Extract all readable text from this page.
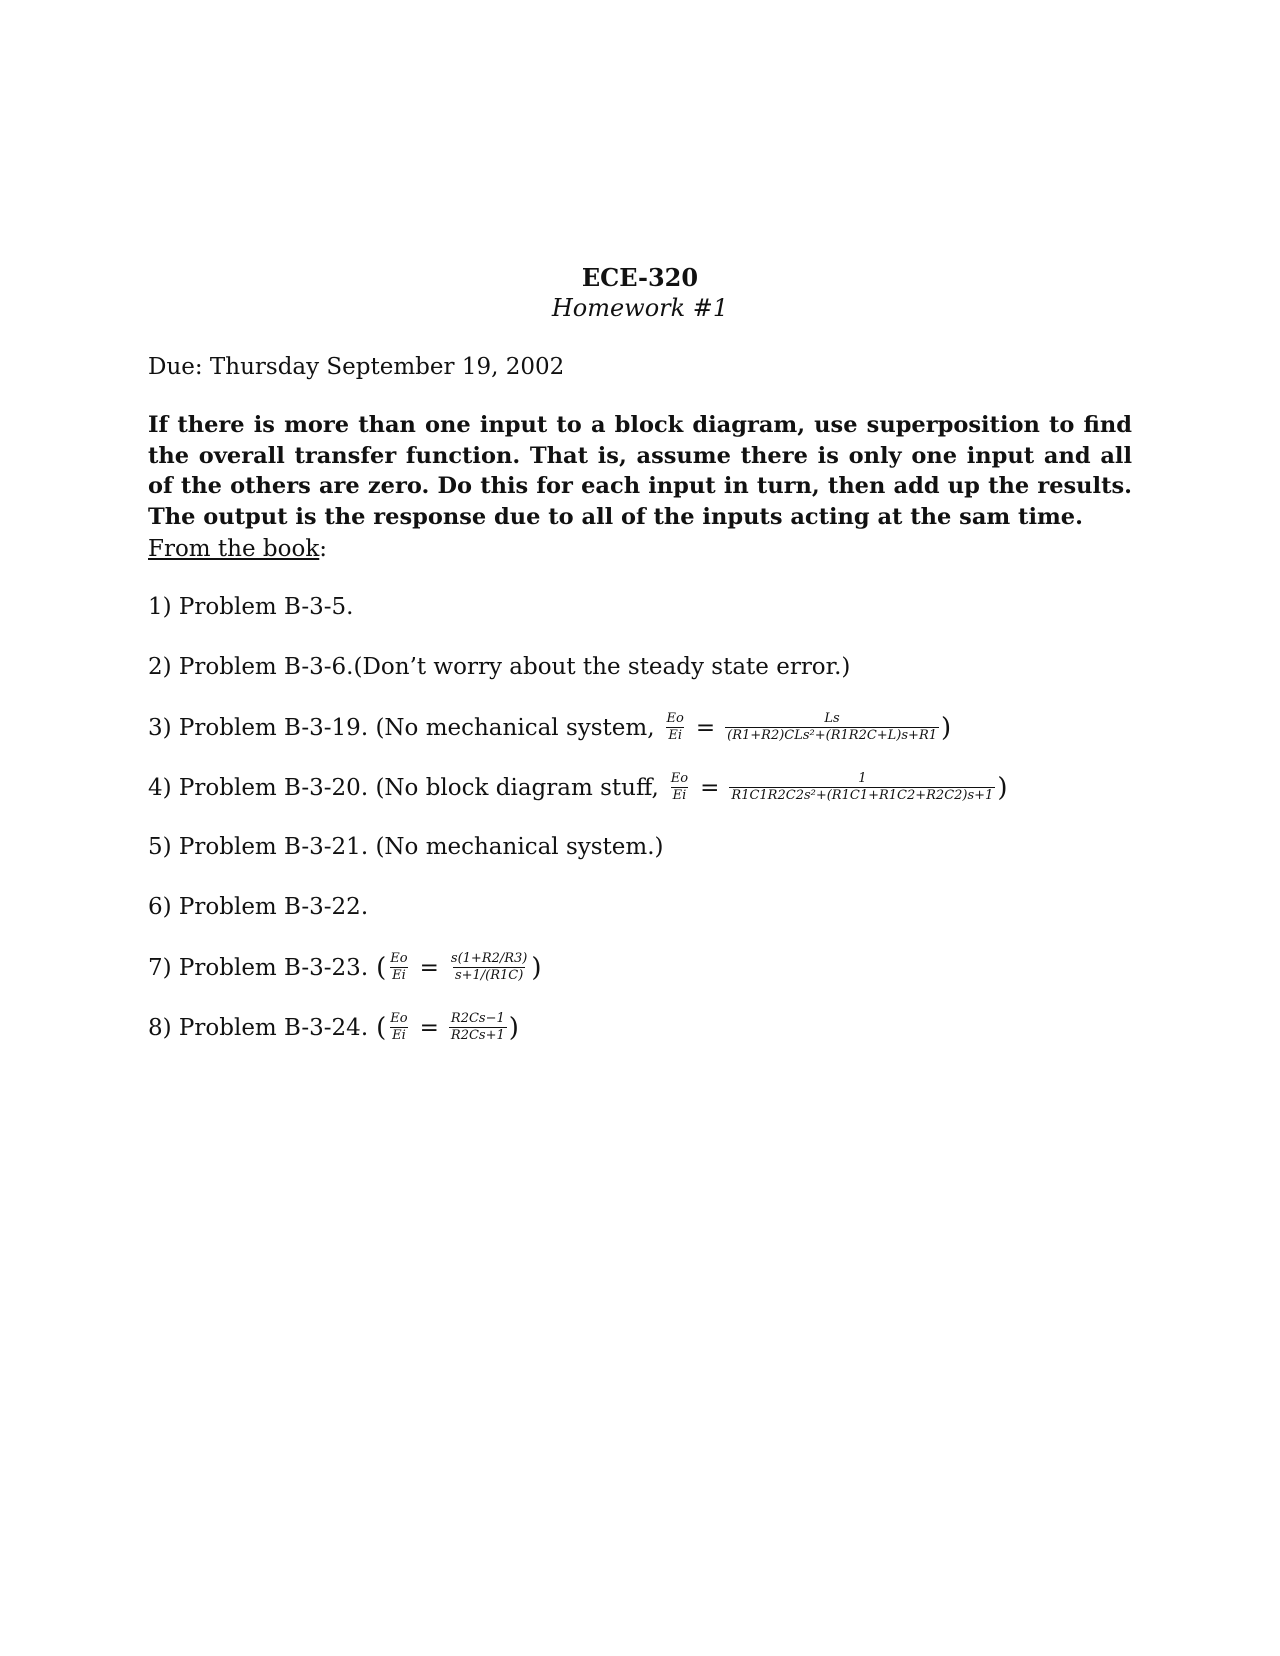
ECE-320
Homework #1
Due: Thursday September 19, 2002
If there is more than one input to a block diagram, use superposition to find the overall transfer function. That is, assume there is only one input and all of the others are zero. Do this for each input in turn, then add up the results. The output is the response due to all of the inputs acting at the sam time.
From the book:
1) Problem B-3-5.
2) Problem B-3-6.(Don’t worry about the steady state error.)
3) Problem B-3-19. (No mechanical system, $\frac{Eo}{Ei} = \frac{Ls}{\text{(R1+R2)CLs²+(R1R2C+L)s+R1}}$ )
4) Problem B-3-20. (No block diagram stuff, $\frac{Eo}{Ei} = \frac{1}{\text{R1C1R2C2s²+(R1C1+R1C2+R2C2)s+1}}$ )
5) Problem B-3-21. (No mechanical system.)
6) Problem B-3-22.
7) Problem B-3-23. ( $\frac{Eo}{Ei} = \frac{s(1+R2/R3)}{s+1/(R1C)}$ )
8) Problem B-3-24. ( $\frac{Eo}{Ei} = \frac{R2Cs-1}{R2Cs+1}$ )
